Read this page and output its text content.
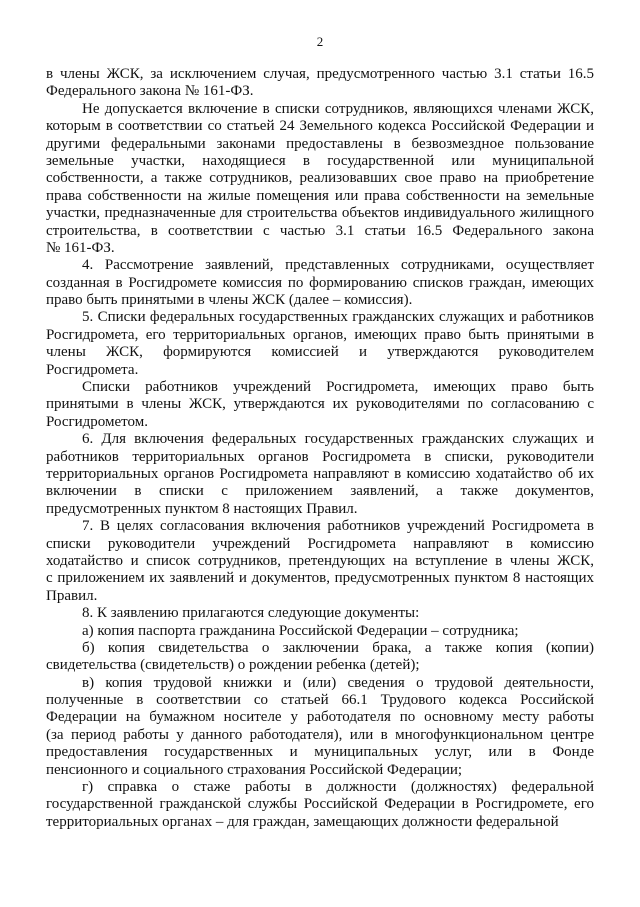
2
в члены ЖСК, за исключением случая, предусмотренного частью 3.1 статьи 16.5
Федерального закона № 161-ФЗ.
Не допускается включение в списки сотрудников, являющихся членами ЖСК,
которым в соответствии со статьей 24 Земельного кодекса Российской Федерации и
другими федеральными законами предоставлены в безвозмездное пользование
земельные участки, находящиеся в государственной или муниципальной
собственности, а также сотрудников, реализовавших свое право на приобретение
права собственности на жилые помещения или права собственности на земельные
участки, предназначенные для строительства объектов индивидуального жилищного
строительства, в соответствии с частью 3.1 статьи 16.5 Федерального закона
№ 161-ФЗ.
4. Рассмотрение заявлений, представленных сотрудниками, осуществляет
созданная в Росгидромете комиссия по формированию списков граждан, имеющих
право быть принятыми в члены ЖСК (далее – комиссия).
5. Списки федеральных государственных гражданских служащих и работников
Росгидромета, его территориальных органов, имеющих право быть принятыми в
члены ЖСК, формируются комиссией и утверждаются руководителем
Росгидромета.
Списки работников учреждений Росгидромета, имеющих право быть
принятыми в члены ЖСК, утверждаются их руководителями по согласованию с
Росгидрометом.
6. Для включения федеральных государственных гражданских служащих и
работников территориальных органов Росгидромета в списки, руководители
территориальных органов Росгидромета направляют в комиссию ходатайство об их
включении в списки с приложением заявлений, а также документов,
предусмотренных пунктом 8 настоящих Правил.
7. В целях согласования включения работников учреждений Росгидромета в
списки руководители учреждений Росгидромета направляют в комиссию
ходатайство и список сотрудников, претендующих на вступление в члены ЖСК,
с приложением их заявлений и документов, предусмотренных пунктом 8 настоящих
Правил.
8. К заявлению прилагаются следующие документы:
а) копия паспорта гражданина Российской Федерации – сотрудника;
б) копия свидетельства о заключении брака, а также копия (копии)
свидетельства (свидетельств) о рождении ребенка (детей);
в) копия трудовой книжки и (или) сведения о трудовой деятельности,
полученные в соответствии со статьей 66.1 Трудового кодекса Российской
Федерации на бумажном носителе у работодателя по основному месту работы
(за период работы у данного работодателя), или в многофункциональном центре
предоставления государственных и муниципальных услуг, или в Фонде
пенсионного и социального страхования Российской Федерации;
г) справка о стаже работы в должности (должностях) федеральной
государственной гражданской службы Российской Федерации в Росгидромете, его
территориальных органах – для граждан, замещающих должности федеральной
